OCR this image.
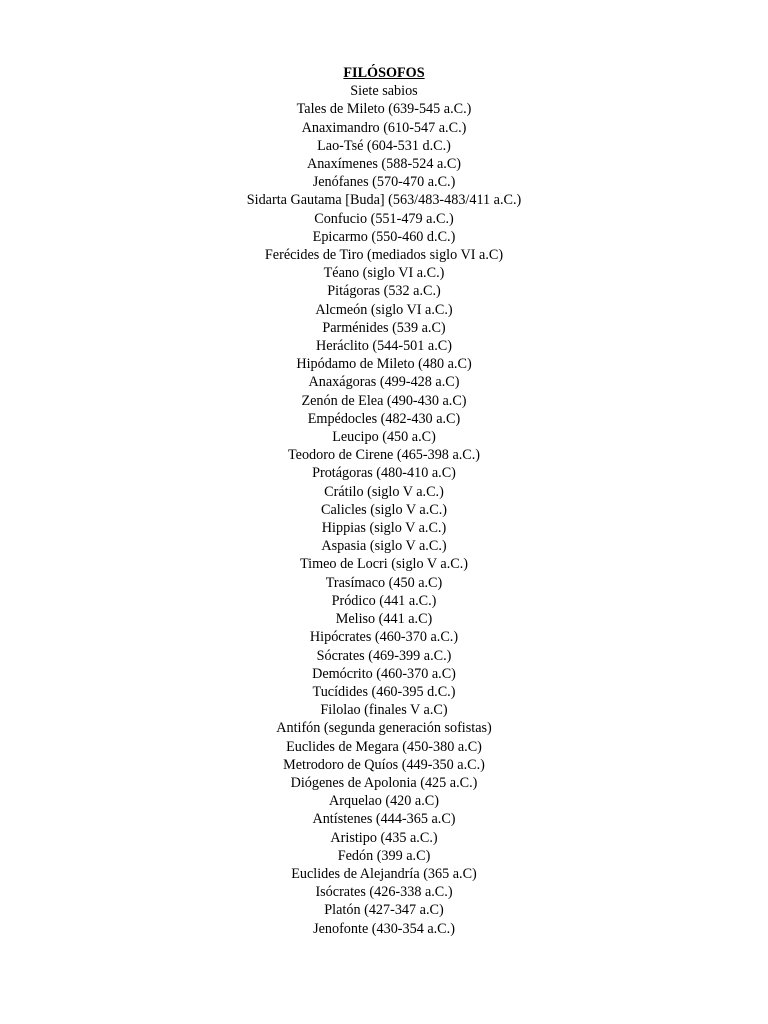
FILÓSOFOS
Siete sabios
Tales de Mileto (639-545 a.C.)
Anaximandro (610-547 a.C.)
Lao-Tsé (604-531 d.C.)
Anaxímenes (588-524 a.C)
Jenófanes (570-470 a.C.)
Sidarta Gautama [Buda] (563/483-483/411 a.C.)
Confucio (551-479 a.C.)
Epicarmo (550-460 d.C.)
Ferécides de Tiro (mediados siglo VI a.C)
Téano (siglo VI a.C.)
Pitágoras (532 a.C.)
Alcmeón (siglo VI a.C.)
Parménides (539 a.C)
Heráclito (544-501 a.C)
Hipódamo de Mileto (480 a.C)
Anaxágoras (499-428 a.C)
Zenón de Elea (490-430 a.C)
Empédocles (482-430 a.C)
Leucipo (450 a.C)
Teodoro de Cirene (465-398 a.C.)
Protágoras (480-410 a.C)
Crátilo (siglo V a.C.)
Calicles (siglo V a.C.)
Hippias (siglo V a.C.)
Aspasia (siglo V a.C.)
Timeo de Locri (siglo V a.C.)
Trasímaco (450 a.C)
Pródico (441 a.C.)
Meliso (441 a.C)
Hipócrates (460-370 a.C.)
Sócrates (469-399 a.C.)
Demócrito (460-370 a.C)
Tucídides (460-395 d.C.)
Filolao (finales V a.C)
Antifón (segunda generación sofistas)
Euclides de Megara (450-380 a.C)
Metrodoro de Quíos (449-350 a.C.)
Diógenes de Apolonia (425 a.C.)
Arquelao (420 a.C)
Antístenes (444-365 a.C)
Aristipo (435 a.C.)
Fedón (399 a.C)
Euclides de Alejandría (365 a.C)
Isócrates (426-338 a.C.)
Platón (427-347 a.C)
Jenofonte (430-354 a.C.)
